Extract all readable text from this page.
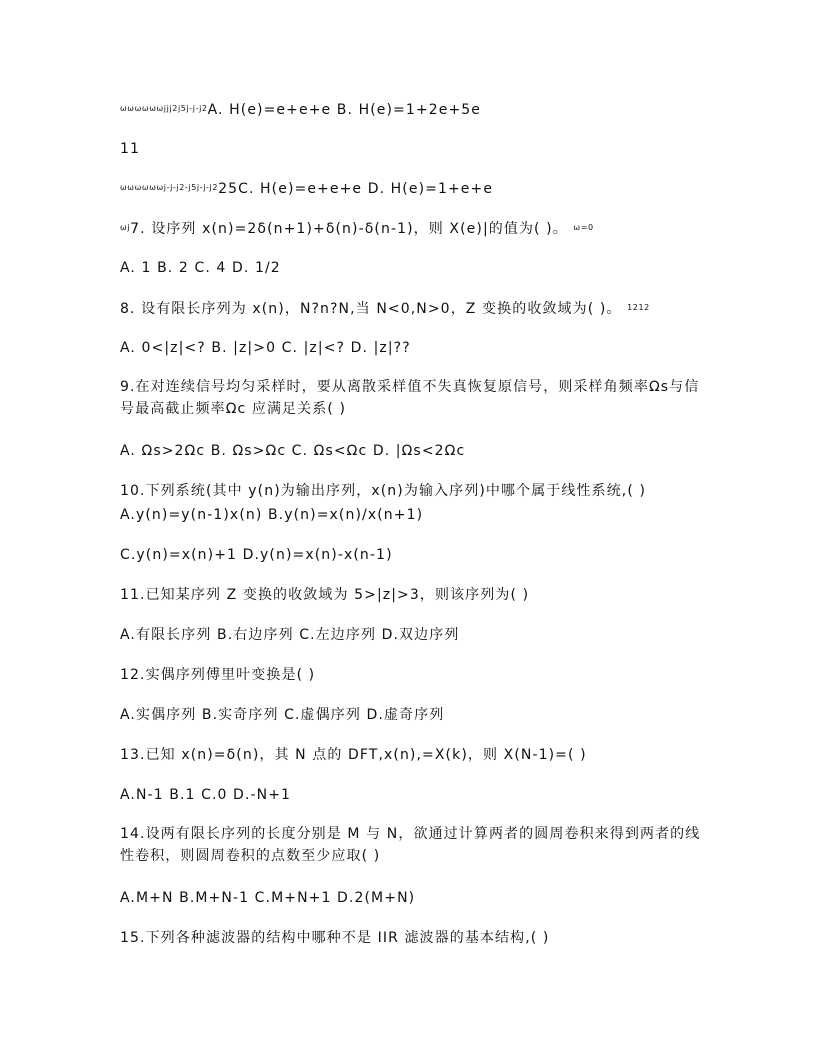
$^{\omega\omega\omega\omega\omega\omega jjj2j5j-j-j2}$A. H(e)=e+e+e B. H(e)=1+2e+5e
11
$^{\omega\omega\omega\omega\omega\omega j-j-j2-j5j-j-j2}$25C. H(e)=e+e+e D. H(e)=1+e+e
$^{\omega j}$7. 设序列 x(n)=2δ(n+1)+δ(n)-δ(n-1)，则 X(e)|的值为( )。 $^{\omega=0}$
A. 1 B. 2 C. 4 D. 1/2
8. 设有限长序列为 x(n)，N?n?N,当 N<0,N>0，Z 变换的收敛域为( )。 $^{1212}$
A. 0<|z|<? B. |z|>0 C. |z|<? D. |z|??
9.在对连续信号均匀采样时，要从离散采样值不失真恢复原信号，则采样角频率Ωs与信号最高截止频率Ωc 应满足关系( )
A. Ωs>2Ωc B. Ωs>Ωc C. Ωs<Ωc D. |Ωs<2Ωc
10.下列系统(其中 y(n)为输出序列，x(n)为输入序列)中哪个属于线性系统,( )
A.y(n)=y(n-1)x(n) B.y(n)=x(n)/x(n+1)
C.y(n)=x(n)+1 D.y(n)=x(n)-x(n-1)
11.已知某序列 Z 变换的收敛域为 5>|z|>3，则该序列为( )
A.有限长序列 B.右边序列 C.左边序列 D.双边序列
12.实偶序列傅里叶变换是( )
A.实偶序列 B.实奇序列 C.虚偶序列 D.虚奇序列
13.已知 x(n)=δ(n)，其 N 点的 DFT,x(n),=X(k)，则 X(N-1)=( )
A.N-1 B.1 C.0 D.-N+1
14.设两有限长序列的长度分别是 M 与 N，欲通过计算两者的圆周卷积来得到两者的线性卷积，则圆周卷积的点数至少应取( )
A.M+N B.M+N-1 C.M+N+1 D.2(M+N)
15.下列各种滤波器的结构中哪种不是 IIR 滤波器的基本结构,( )
